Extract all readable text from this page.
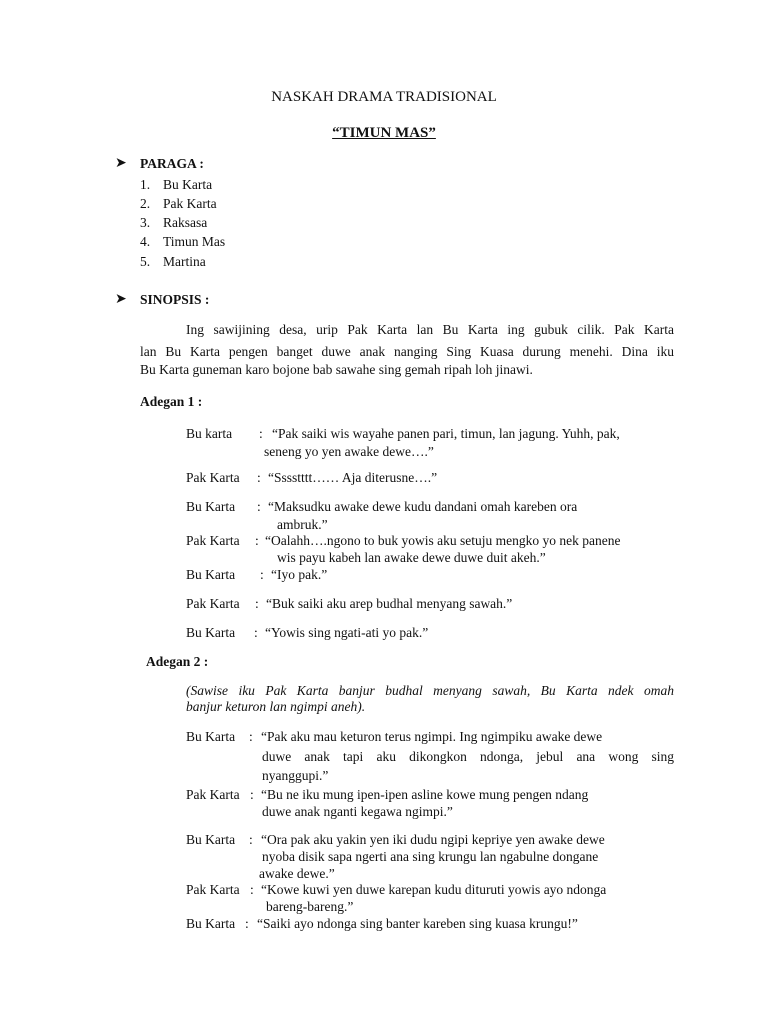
NASKAH DRAMA TRADISIONAL
“TIMUN MAS”
➤ PARAGA :
1. Bu Karta
2. Pak Karta
3. Raksasa
4. Timun Mas
5. Martina
➤ SINOPSIS :
Ing sawijining desa, urip Pak Karta lan Bu Karta ing gubuk cilik. Pak Karta
lan Bu Karta pengen banget duwe anak nanging Sing Kuasa durung menehi. Dina iku
Bu Karta guneman karo bojone bab sawahe sing gemah ripah loh jinawi.
Adegan 1 :
Bu karta : “Pak saiki wis wayahe panen pari, timun, lan jagung. Yuhh, pak,
seneng yo yen awake dewe….”
Pak Karta : “Sssstttt…… Aja diterusne….”
Bu Karta : “Maksudku awake dewe kudu dandani omah kareben ora
ambruk.”
Pak Karta : “Oalahh….ngono to buk yowis aku setuju mengko yo nek panene
wis payu kabeh lan awake dewe duwe duit akeh.”
Bu Karta : “Iyo pak.”
Pak Karta : “Buk saiki aku arep budhal menyang sawah.”
Bu Karta : “Yowis sing ngati-ati yo pak.”
Adegan 2 :
(Sawise iku Pak Karta banjur budhal menyang sawah, Bu Karta ndek omah
banjur keturon lan ngimpi aneh).
Bu Karta : “Pak aku mau keturon terus ngimpi. Ing ngimpiku awake dewe
duwe anak tapi aku dikongkon ndonga, jebul ana wong sing
nyanggupi.”
Pak Karta : “Bu ne iku mung ipen-ipen asline kowe mung pengen ndang
duwe anak nganti kegawa ngimpi.”
Bu Karta : “Ora pak aku yakin yen iki dudu ngipi kepriye yen awake dewe
nyoba disik sapa ngerti ana sing krungu lan ngabulne dongane
awake dewe.”
Pak Karta : “Kowe kuwi yen duwe karepan kudu dituruti yowis ayo ndonga
bareng-bareng.”
Bu Karta : “Saiki ayo ndonga sing banter kareben sing kuasa krungu!”
